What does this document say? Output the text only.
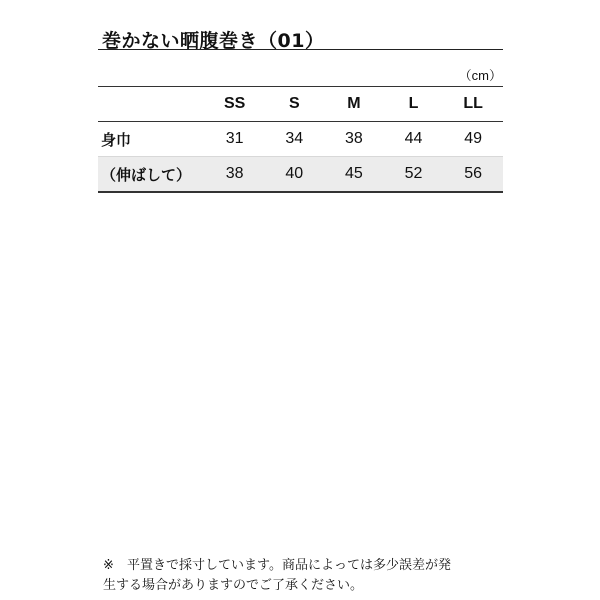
巻かない晒腹巻き（01）
（cm）
	SS	S	M	L	LL
身巾	31	34	38	44	49
（伸ばして）	38	40	45	52	56
※ 平置きで採寸しています。商品によっては多少誤差が発
生する場合がありますのでご了承ください。
